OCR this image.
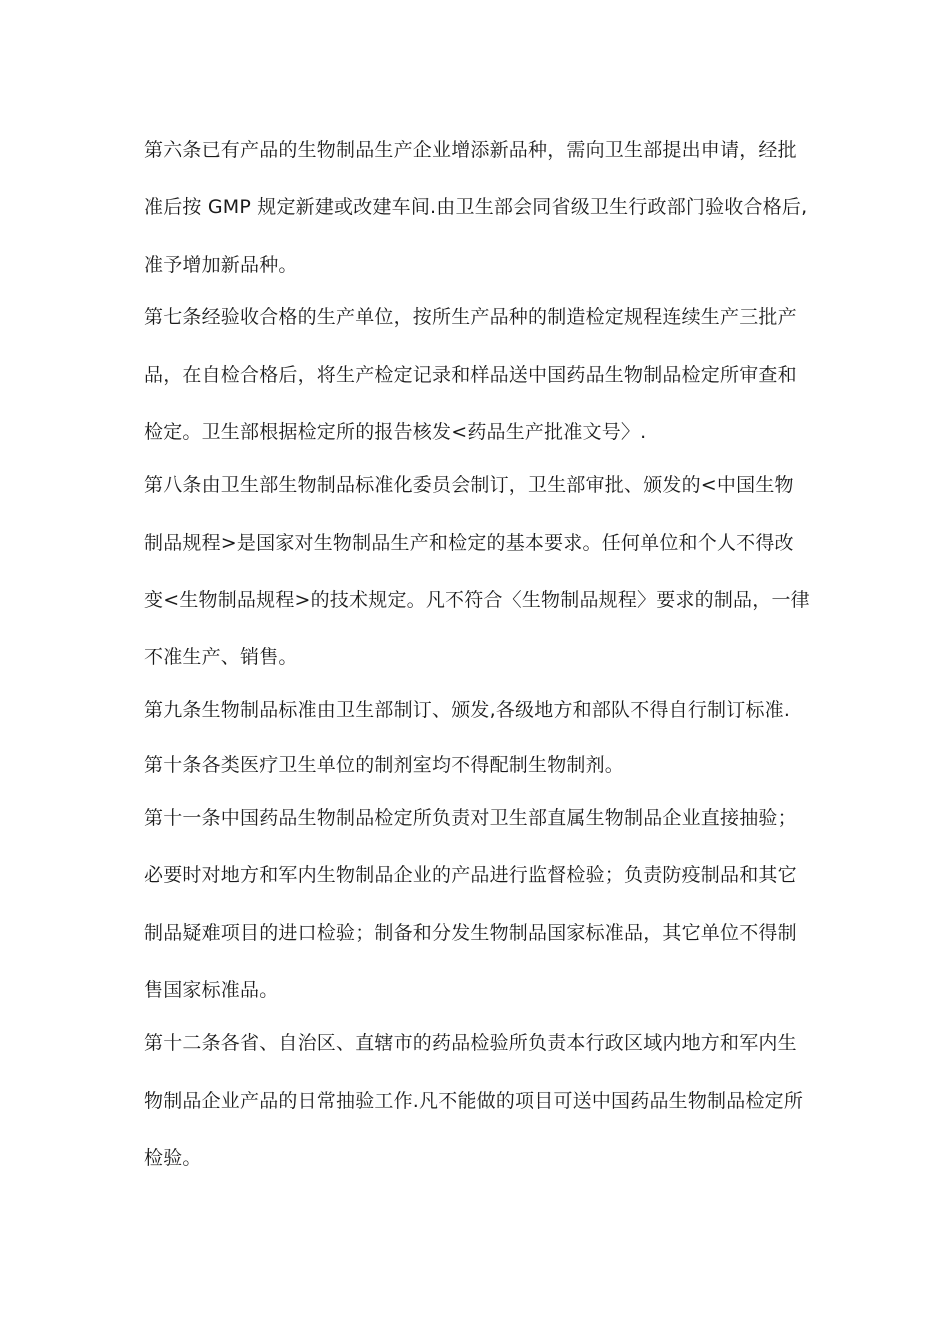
第六条已有产品的生物制品生产企业增添新品种，需向卫生部提出申请，经批
准后按 GMP 规定新建或改建车间.由卫生部会同省级卫生行政部门验收合格后,
准予增加新品种。
第七条经验收合格的生产单位，按所生产品种的制造检定规程连续生产三批产
品，在自检合格后，将生产检定记录和样品送中国药品生物制品检定所审查和
检定。卫生部根据检定所的报告核发<药品生产批准文号〉.
第八条由卫生部生物制品标准化委员会制订，卫生部审批、颁发的<中国生物
制品规程>是国家对生物制品生产和检定的基本要求。任何单位和个人不得改
变<生物制品规程>的技术规定。凡不符合〈生物制品规程〉要求的制品，一律
不准生产、销售。
第九条生物制品标准由卫生部制订、颁发,各级地方和部队不得自行制订标准.
第十条各类医疗卫生单位的制剂室均不得配制生物制剂。
第十一条中国药品生物制品检定所负责对卫生部直属生物制品企业直接抽验；
必要时对地方和军内生物制品企业的产品进行监督检验；负责防疫制品和其它
制品疑难项目的进口检验；制备和分发生物制品国家标准品，其它单位不得制
售国家标准品。
第十二条各省、自治区、直辖市的药品检验所负责本行政区域内地方和军内生
物制品企业产品的日常抽验工作.凡不能做的项目可送中国药品生物制品检定所
检验。
